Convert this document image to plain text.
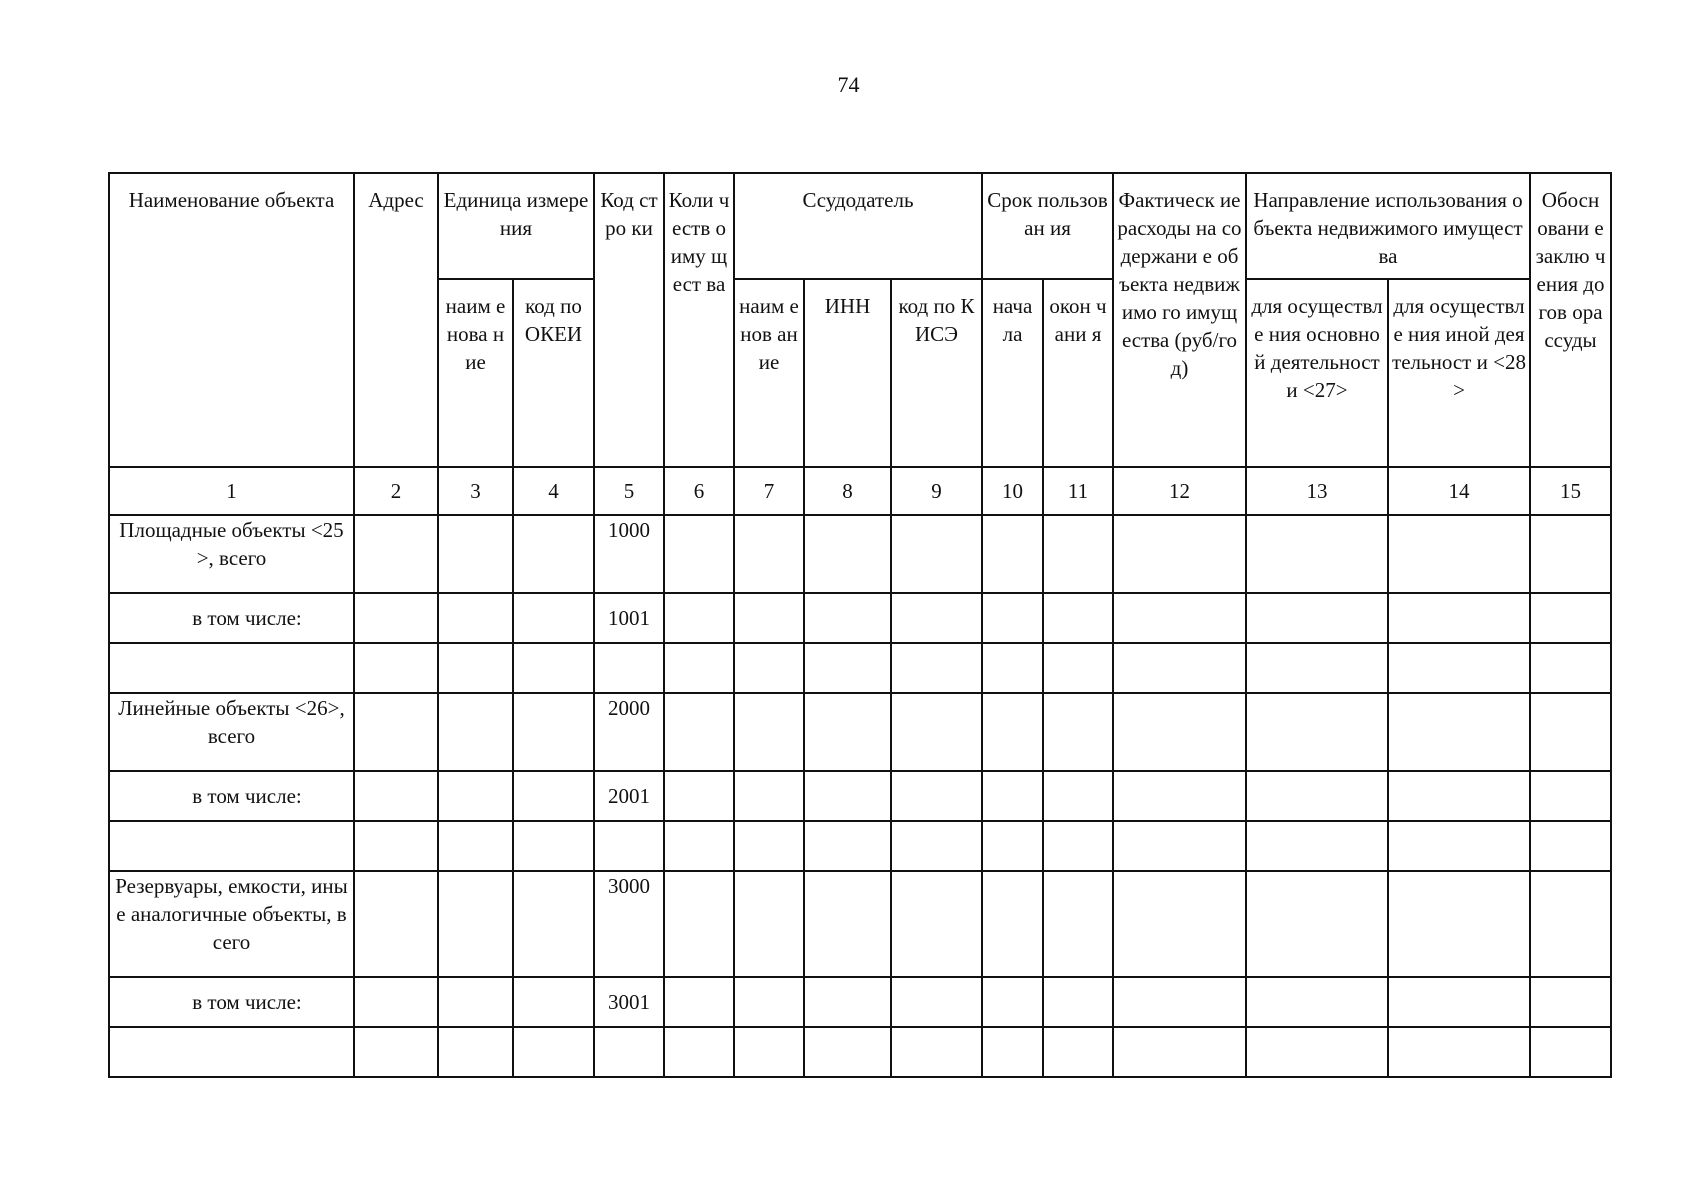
74
Наименование объекта	Адрес	Единица измерения		Код стро ки	Коли честв о иму щест ва	Ссудодатель			Срок пользован ия		Фактическ ие расходы на содержани е объекта недвижимо го имущества (руб/год)	Направление использования объекта недвижимого имущества		Обосн овани е заклю чения догов ора ссуды
		наим енова ние	код по ОКЕИ			наим енов ание	ИНН	код по КИСЭ	нача ла	окон чани я		для осуществле ния основной деятельност и <27>	для осуществле ния иной деятельност и <28>	
1	2	3	4	5	6	7	8	9	10	11	12	13	14	15
Площадные объекты <25>, всего				1000										
в том числе:				1001										

Линейные объекты <26>, всего				2000										
в том числе:				2001										

Резервуары, емкости, иные аналогичные объекты, всего				3000										
в том числе:				3001										
